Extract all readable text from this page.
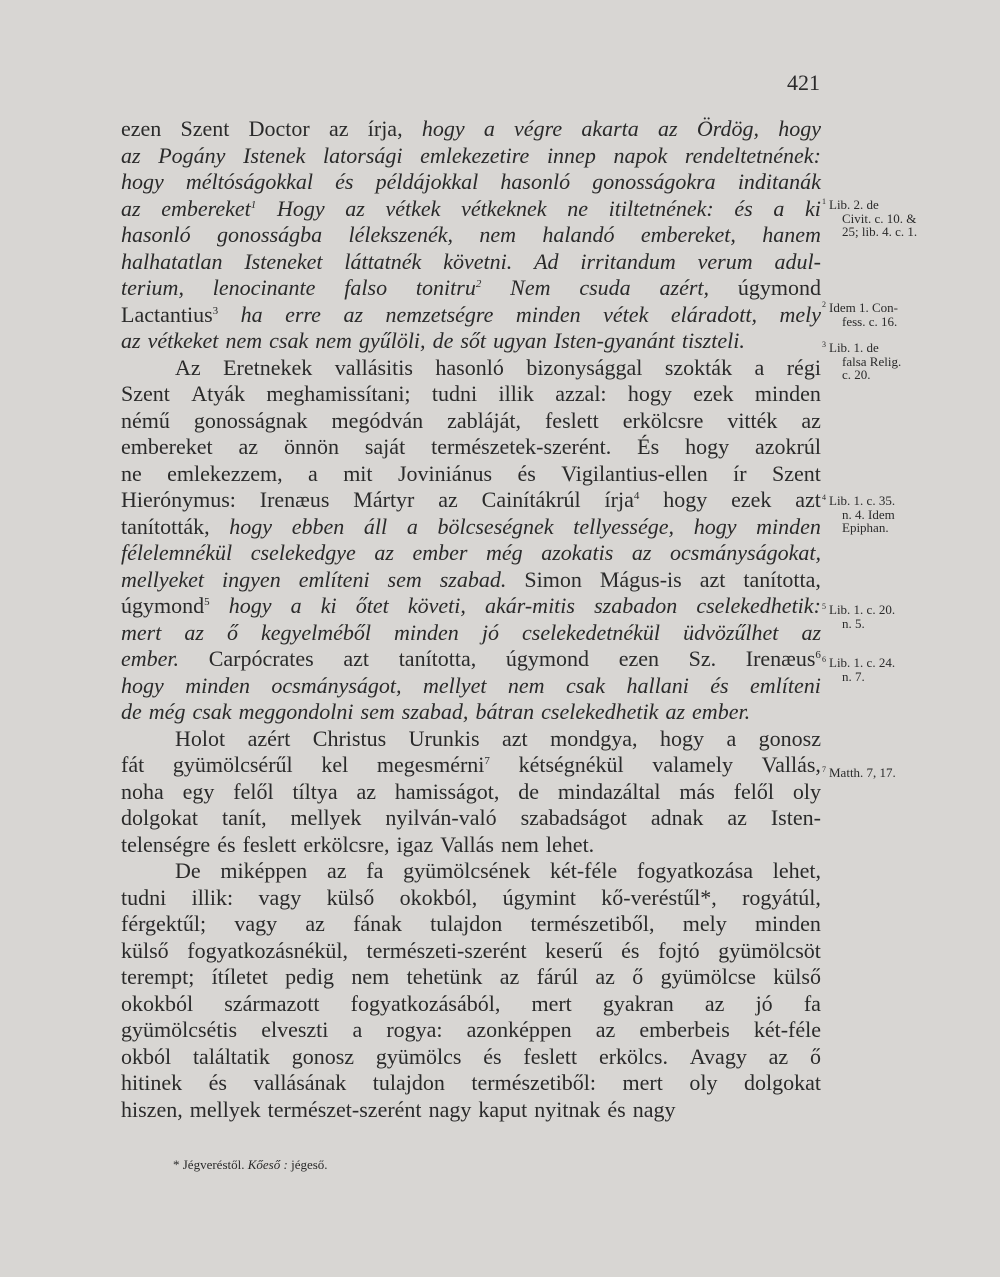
421

ezen Szent Doctor az írja, hogy a végre akarta az Ördög, hogy
az Pogány Istenek latorsági emlekezetire innep napok rendeltetnének:
hogy méltóságokkal és példájokkal hasonló gonosságokra inditanák
az embereket$^1$ Hogy az vétkek vétkeknek ne itiltetnének: és a ki
hasonló gonosságba lélekszenék, nem halandó embereket, hanem
halhatatlan Isteneket láttatnék követni. Ad irritandum verum adul-
terium, lenocinante falso tonitru$^2$ Nem csuda azért, úgymond
Lactantius$^3$ ha erre az nemzetségre minden vétek eláradott, mely
az vétkeket nem csak nem gyűlöli, de sőt ugyan Isten-gyanánt tiszteli.
Az Eretnekek vallásitis hasonló bizonysággal szokták a régi
Szent Atyák meghamissítani; tudni illik azzal: hogy ezek minden
némű gonosságnak megódván zabláját, feslett erkölcsre vitték az
embereket az önnön saját természetek-szerént. És hogy azokrúl
ne emlekezzem, a mit Joviniánus és Vigilantius-ellen ír Szent
Hierónymus: Irenæus Mártyr az Cainítákrúl írja$^4$ hogy ezek azt
tanították, hogy ebben áll a bölcseségnek tellyessége, hogy minden
félelemnékül cselekedgye az ember még azokatis az ocsmányságokat,
mellyeket ingyen említeni sem szabad. Simon Mágus-is azt tanította,
úgymond$^5$ hogy a ki őtet követi, akár-mitis szabadon cselekedhetik:
mert az ő kegyelméből minden jó cselekedetnékül üdvözűlhet az
ember. Carpócrates azt tanította, úgymond ezen Sz. Irenæus$^6$
hogy minden ocsmányságot, mellyet nem csak hallani és említeni
de még csak meggondolni sem szabad, bátran cselekedhetik az ember.
Holot azért Christus Urunkis azt mondgya, hogy a gonosz
fát gyümölcsérűl kel megesmérni$^7$ kétségnékül valamely Vallás,
noha egy felől tíltya az hamisságot, de mindazáltal más felől oly
dolgokat tanít, mellyek nyilván-való szabadságot adnak az Isten-
telenségre és feslett erkölcsre, igaz Vallás nem lehet.
De miképpen az fa gyümölcsének két-féle fogyatkozása lehet,
tudni illik: vagy külső okokból, úgymint kő-veréstűl*, rogyátúl,
férgektűl; vagy az fának tulajdon természetiből, mely minden
külső fogyatkozásnékül, természeti-szerént keserű és fojtó gyümölcsöt
terempt; ítíletet pedig nem tehetünk az fárúl az ő gyümölcse külső
okokból származott fogyatkozásából, mert gyakran az jó fa
gyümölcsétis elveszti a rogya: azonképpen az emberbeis két-féle
okból találtatik gonosz gyümölcs és feslett erkölcs. Avagy az ő
hitinek és vallásának tulajdon természetiből: mert oly dolgokat
hiszen, mellyek természet-szerént nagy kaput nyitnak és nagy
$^1$ Lib. 2. de
Civit. c. 10. &
25; lib. 4. c. 1.
$^2$ Idem 1. Con-
fess. c. 16.
$^3$ Lib. 1. de
falsa Relig.
c. 20.
$^4$ Lib. 1. c. 35.
n. 4. Idem
Epiphan.
$^5$ Lib. 1. c. 20.
n. 5.
$^6$ Lib. 1. c. 24.
n. 7.
$^7$ Matth. 7, 17.
* Jégveréstől. Kőeső : jégeső.
